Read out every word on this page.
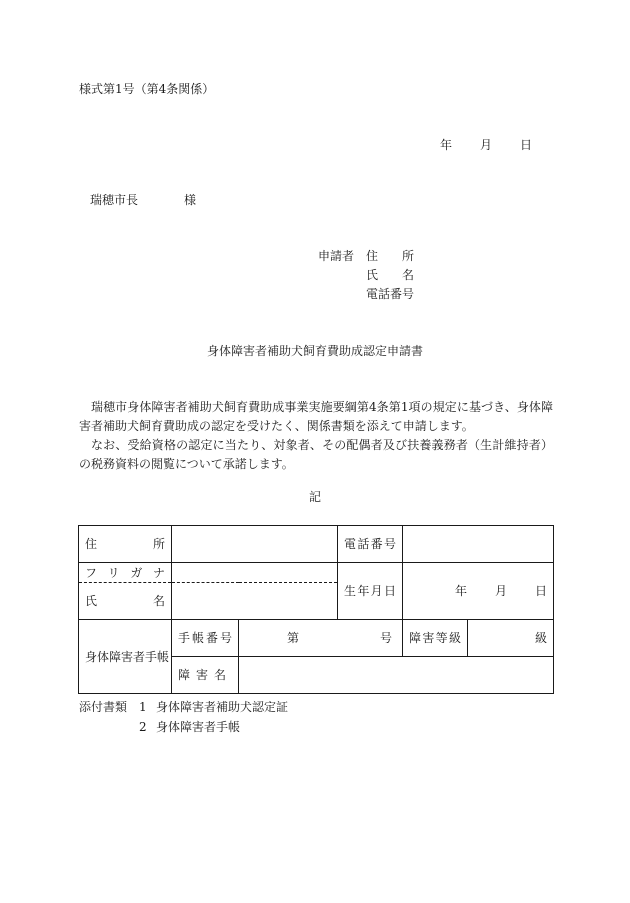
様式第1号（第4条関係）
年 月 日
瑞穂市長	様
申請者 住　　所
氏　　名
電話番号
身体障害者補助犬飼育費助成認定申請書

瑞穂市身体障害者補助犬飼育費助成事業実施要綱第4条第1項の規定に基づき、身体障害者補助犬飼育費助成の認定を受けたく、関係書類を添えて申請します。

なお、受給資格の認定に当たり、対象者、その配偶者及び扶養義務者（生計維持者）の税務資料の閲覧について承諾します。

記
住 所			電 話 番 号		

フ リ ガ ナ			生 年 月 日	年 月 日	

氏 名					

身体障害者手帳	手 帳 番 号	第 号		障 害 等 級	級

	障 害 名				

添付書類 1 身体障害者補助犬認定証
2 身体障害者手帳
